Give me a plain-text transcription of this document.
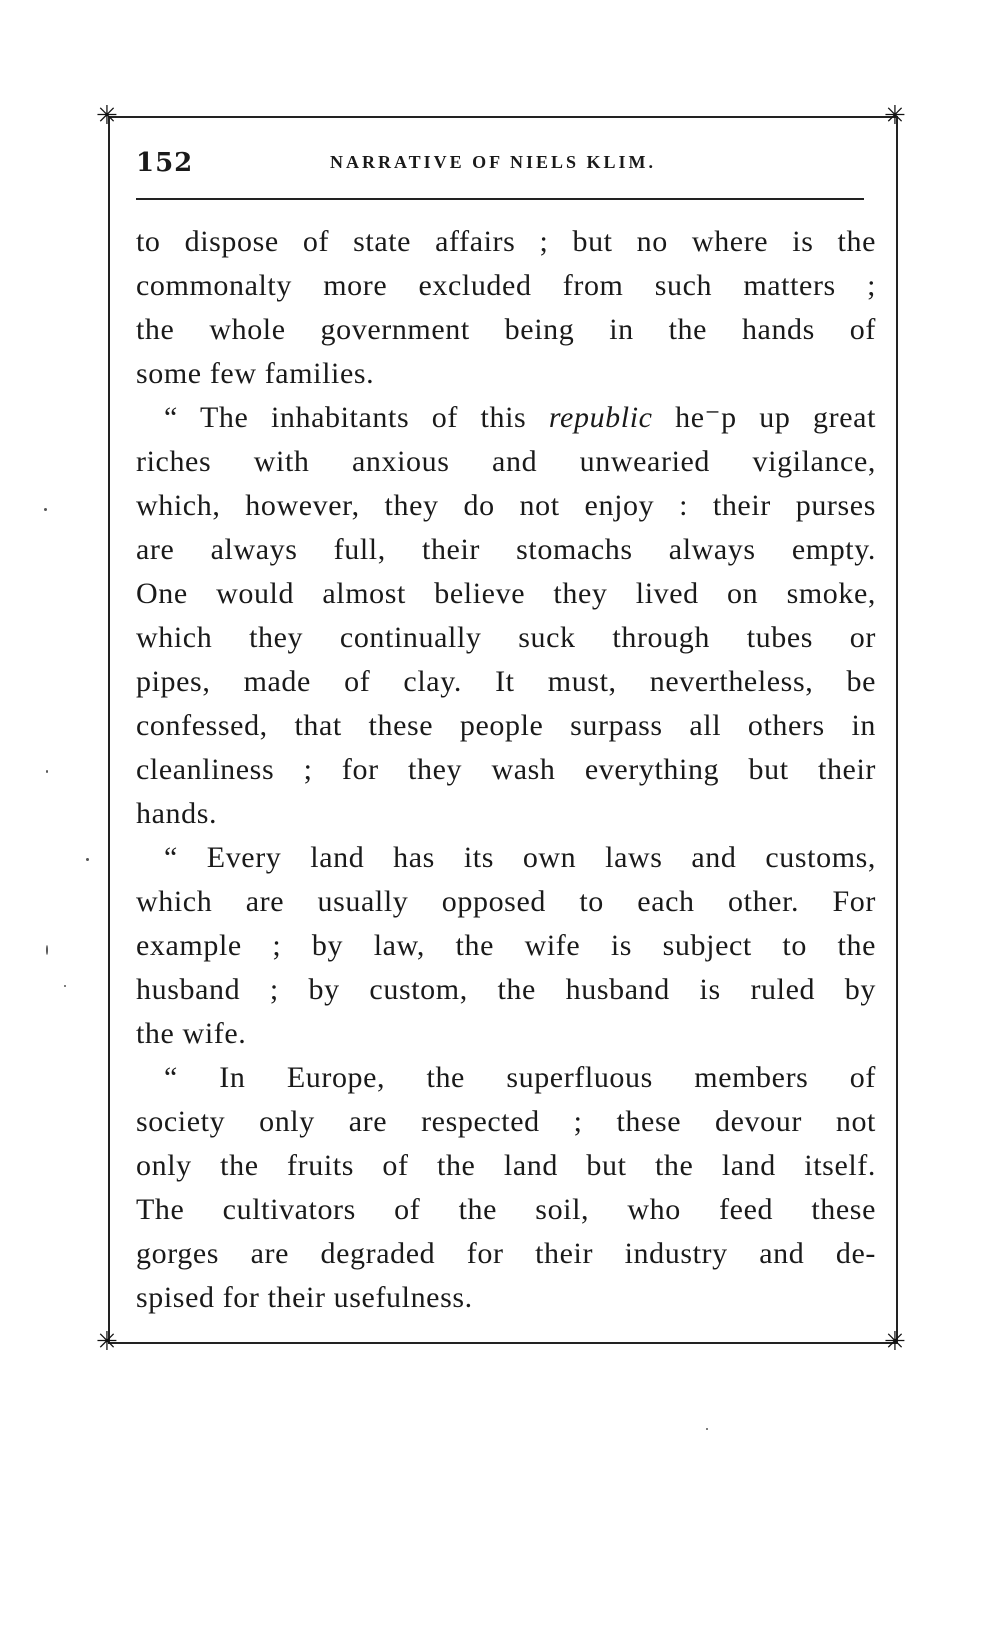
✳	✳
✳	✳
152	NARRATIVE OF NIELS KLIM.

to dispose of state affairs ; but no where is the
commonalty more excluded from such matters ;
the whole government being in the hands of
some few families.

“ The inhabitants of this republic he⁻p up great
riches with anxious and unwearied vigilance,
which, however, they do not enjoy : their purses
are always full, their stomachs always empty.
One would almost believe they lived on smoke,
which they continually suck through tubes or
pipes, made of clay. It must, nevertheless, be
confessed, that these people surpass all others in
cleanliness ; for they wash everything but their
hands.

“ Every land has its own laws and customs,
which are usually opposed to each other. For
example ; by law, the wife is subject to the
husband ; by custom, the husband is ruled by
the wife.

“ In Europe, the superfluous members of
society only are respected ; these devour not
only the fruits of the land but the land itself.
The cultivators of the soil, who feed these
gorges are degraded for their industry and de-
spised for their usefulness.
